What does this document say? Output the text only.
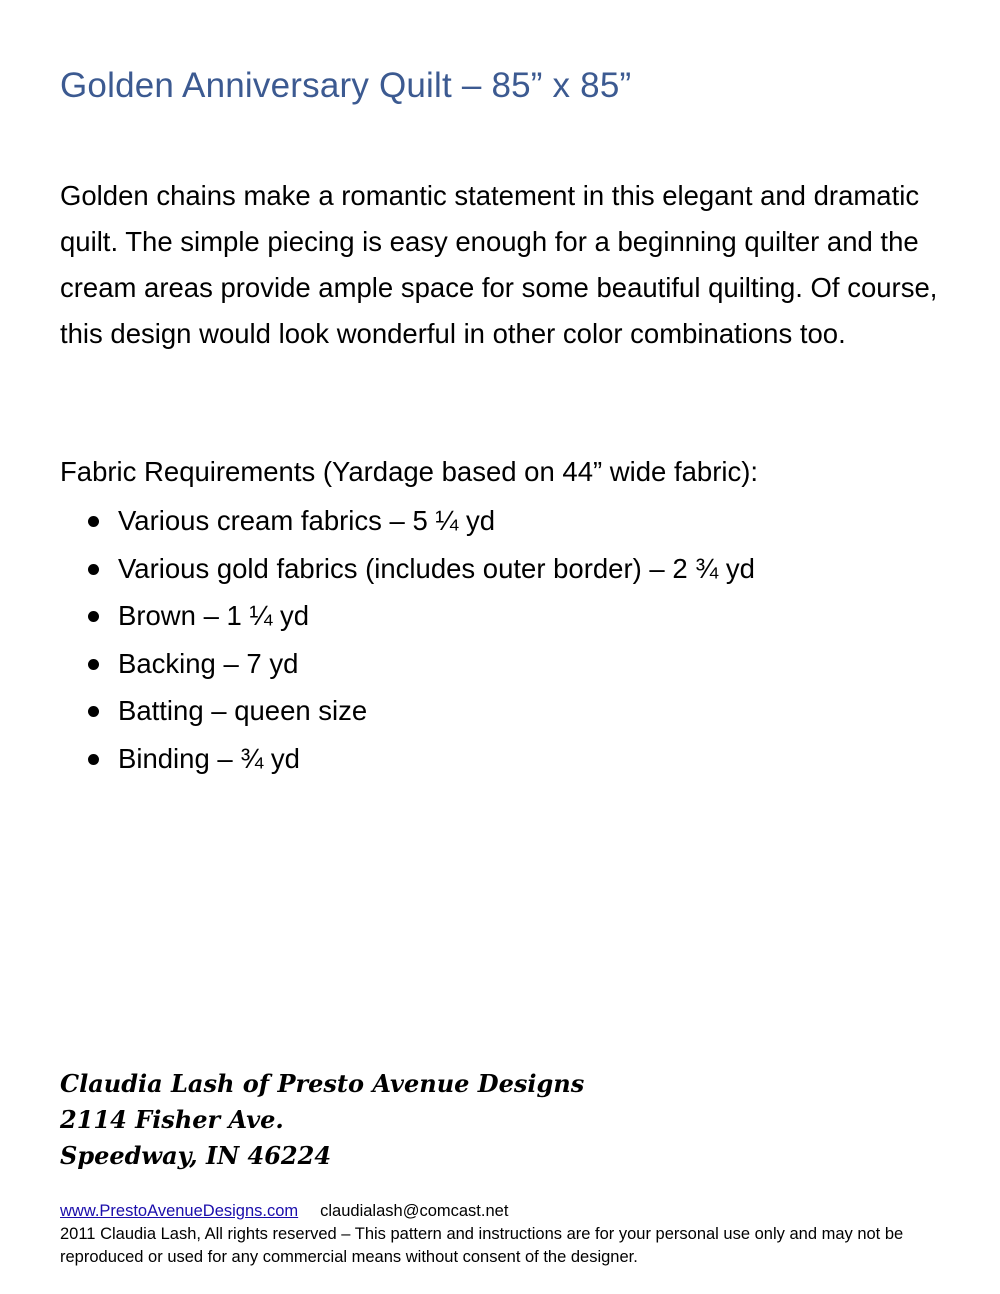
Golden Anniversary Quilt – 85” x 85”

Golden chains make a romantic statement in this elegant and dramatic quilt. The simple piecing is easy enough for a beginning quilter and the cream areas provide ample space for some beautiful quilting. Of course, this design would look wonderful in other color combinations too.

Fabric Requirements (Yardage based on 44” wide fabric):

Various cream fabrics – 5 ¼ yd
Various gold fabrics (includes outer border) – 2 ¾ yd
Brown – 1 ¼ yd
Backing – 7 yd
Batting – queen size
Binding – ¾ yd
Claudia Lash of Presto Avenue Designs
2114 Fisher Ave.
Speedway, IN 46224
www.PrestoAvenueDesigns.com claudialash@comcast.net
2011 Claudia Lash, All rights reserved – This pattern and instructions are for your personal use only and may not be reproduced or used for any commercial means without consent of the designer.
